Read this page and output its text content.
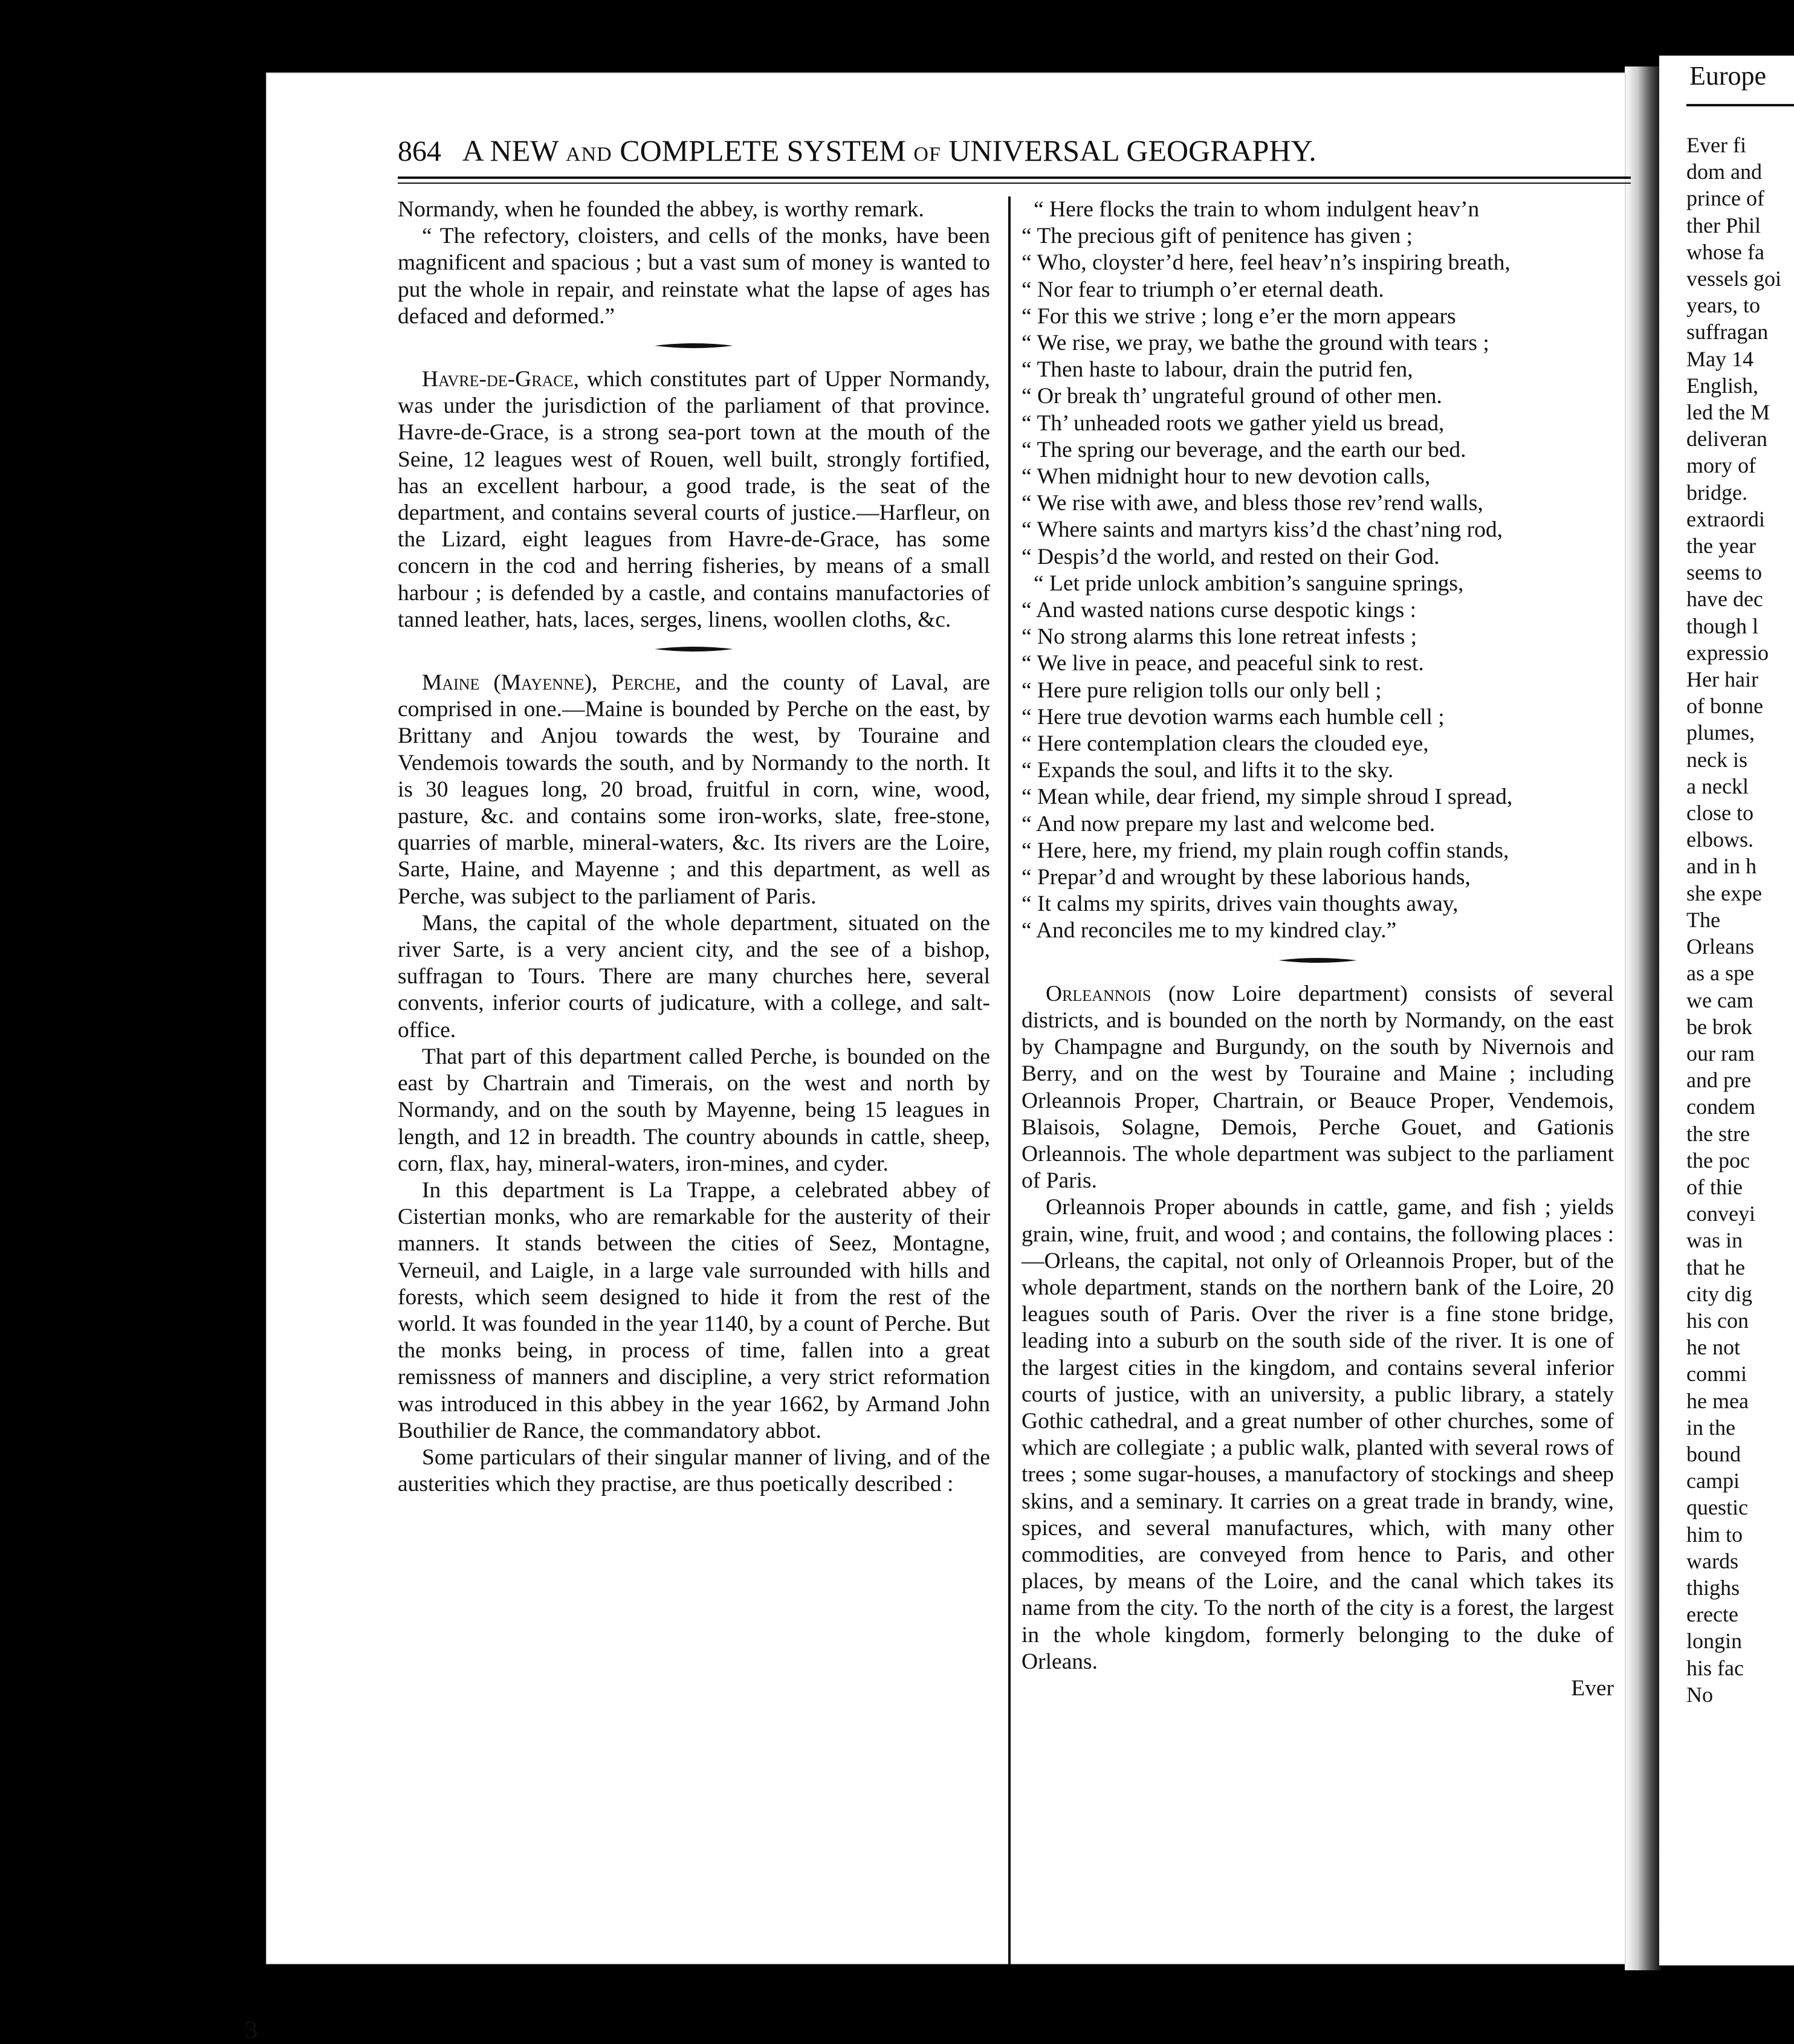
Europe
Ever fi
dom and
prince of
ther Phil
whose fa
vessels goi
years, to
suffragan
May 14
English,
led the M
deliveran
mory of
bridge.
extraordi
the year
seems to
have dec
though l
expressio
Her hair
of bonne
plumes,
neck is
a neckl
close to
elbows.
and in h
she expe
The
Orleans
as a spe
we cam
be brok
our ram
and pre
condem
the stre
the poc
of thie
conveyi
was in
that he
city dig
his con
he not
commi
he mea
in the
bound
campi
questic
him to
wards
thighs
erecte
longin
his fac
No
864 A NEW AND COMPLETE SYSTEM OF UNIVERSAL GEOGRAPHY.

Normandy, when he founded the abbey, is worthy remark.

“ The refectory, cloisters, and cells of the monks, have been magnificent and spacious ; but a vast sum of money is wanted to put the whole in repair, and reinstate what the lapse of ages has defaced and deformed.”

Havre-de-Grace, which constitutes part of Upper Normandy, was under the jurisdiction of the parliament of that province. Havre-de-Grace, is a strong sea-port town at the mouth of the Seine, 12 leagues west of Rouen, well built, strongly fortified, has an excellent harbour, a good trade, is the seat of the department, and contains several courts of justice.—Harfleur, on the Lizard, eight leagues from Havre-de-Grace, has some concern in the cod and herring fisheries, by means of a small harbour ; is defended by a castle, and contains manufactories of tanned leather, hats, laces, serges, linens, woollen cloths, &c.

Maine (Mayenne), Perche, and the county of Laval, are comprised in one.—Maine is bounded by Perche on the east, by Brittany and Anjou towards the west, by Touraine and Vendemois towards the south, and by Normandy to the north. It is 30 leagues long, 20 broad, fruitful in corn, wine, wood, pasture, &c. and contains some iron-works, slate, free-stone, quarries of marble, mineral-waters, &c. Its rivers are the Loire, Sarte, Haine, and Mayenne ; and this department, as well as Perche, was subject to the parliament of Paris.

Mans, the capital of the whole department, situated on the river Sarte, is a very ancient city, and the see of a bishop, suffragan to Tours. There are many churches here, several convents, inferior courts of judicature, with a college, and salt-office.

That part of this department called Perche, is bounded on the east by Chartrain and Timerais, on the west and north by Normandy, and on the south by Mayenne, being 15 leagues in length, and 12 in breadth. The country abounds in cattle, sheep, corn, flax, hay, mineral-waters, iron-mines, and cyder.

In this department is La Trappe, a celebrated abbey of Cistertian monks, who are remarkable for the austerity of their manners. It stands between the cities of Seez, Montagne, Verneuil, and Laigle, in a large vale surrounded with hills and forests, which seem designed to hide it from the rest of the world. It was founded in the year 1140, by a count of Perche. But the monks being, in process of time, fallen into a great remissness of manners and discipline, a very strict reformation was introduced in this abbey in the year 1662, by Armand John Bouthilier de Rance, the commandatory abbot.

Some particulars of their singular manner of living, and of the austerities which they practise, are thus poetically described :

“ Here flocks the train to whom indulgent heav’n
“ The precious gift of penitence has given ;
“ Who, cloyster’d here, feel heav’n’s inspiring breath,
“ Nor fear to triumph o’er eternal death.
“ For this we strive ; long e’er the morn appears
“ We rise, we pray, we bathe the ground with tears ;
“ Then haste to labour, drain the putrid fen,
“ Or break th’ ungrateful ground of other men.
“ Th’ unheaded roots we gather yield us bread,
“ The spring our beverage, and the earth our bed.
“ When midnight hour to new devotion calls,
“ We rise with awe, and bless those rev’rend walls,
“ Where saints and martyrs kiss’d the chast’ning rod,
“ Despis’d the world, and rested on their God.
“ Let pride unlock ambition’s sanguine springs,
“ And wasted nations curse despotic kings :
“ No strong alarms this lone retreat infests ;
“ We live in peace, and peaceful sink to rest.
“ Here pure religion tolls our only bell ;
“ Here true devotion warms each humble cell ;
“ Here contemplation clears the clouded eye,
“ Expands the soul, and lifts it to the sky.
“ Mean while, dear friend, my simple shroud I spread,
“ And now prepare my last and welcome bed.
“ Here, here, my friend, my plain rough coffin stands,
“ Prepar’d and wrought by these laborious hands,
“ It calms my spirits, drives vain thoughts away,
“ And reconciles me to my kindred clay.”

Orleannois (now Loire department) consists of several districts, and is bounded on the north by Normandy, on the east by Champagne and Burgundy, on the south by Nivernois and Berry, and on the west by Touraine and Maine ; including Orleannois Proper, Chartrain, or Beauce Proper, Vendemois, Blaisois, Solagne, Demois, Perche Gouet, and Gationis Orleannois. The whole department was subject to the parliament of Paris.

Orleannois Proper abounds in cattle, game, and fish ; yields grain, wine, fruit, and wood ; and contains, the following places :—Orleans, the capital, not only of Orleannois Proper, but of the whole department, stands on the northern bank of the Loire, 20 leagues south of Paris. Over the river is a fine stone bridge, leading into a suburb on the south side of the river. It is one of the largest cities in the kingdom, and contains several inferior courts of justice, with an university, a public library, a stately Gothic cathedral, and a great number of other churches, some of which are collegiate ; a public walk, planted with several rows of trees ; some sugar-houses, a manufactory of stockings and sheep skins, and a seminary. It carries on a great trade in brandy, wine, spices, and several manufactures, which, with many other commodities, are conveyed from hence to Paris, and other places, by means of the Loire, and the canal which takes its name from the city. To the north of the city is a forest, the largest in the whole kingdom, formerly belonging to the duke of Orleans.

Ever

3
